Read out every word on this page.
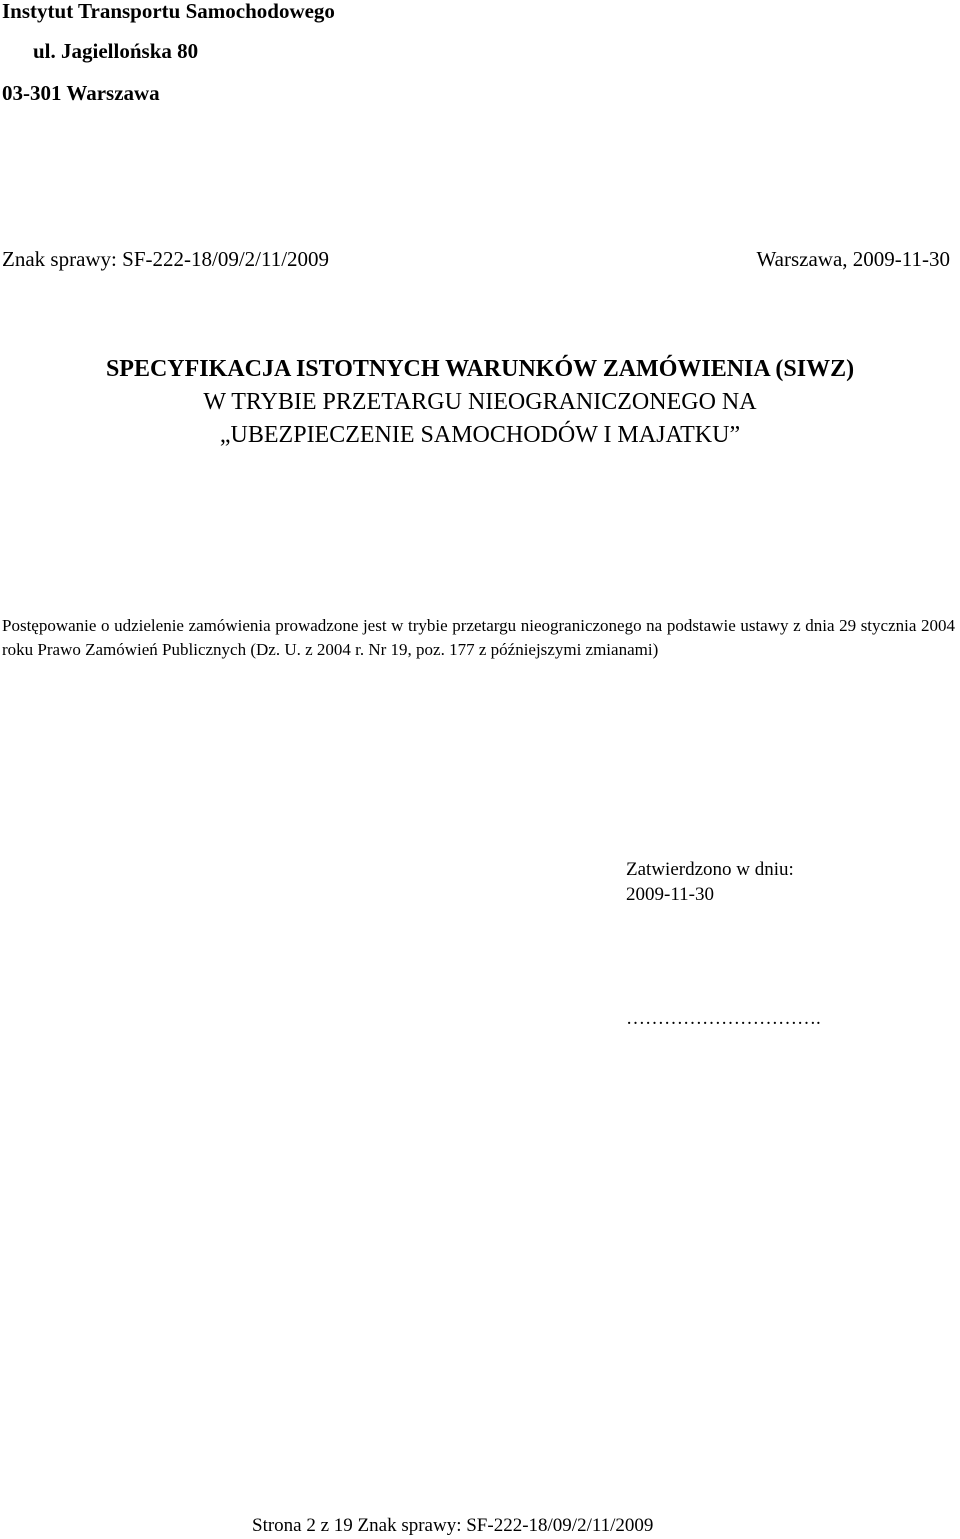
Instytut Transportu Samochodowego
ul. Jagiellońska 80
03-301 Warszawa
Znak sprawy: SF-222-18/09/2/11/2009	Warszawa, 2009-11-30
SPECYFIKACJA ISTOTNYCH WARUNKÓW ZAMÓWIENIA (SIWZ)
W TRYBIE PRZETARGU NIEOGRANICZONEGO NA
„UBEZPIECZENIE SAMOCHODÓW I MAJATKU”
Postępowanie o udzielenie zamówienia prowadzone jest w trybie przetargu nieograniczonego na podstawie ustawy z dnia 29 stycznia 2004 roku Prawo Zamówień Publicznych (Dz. U. z 2004 r. Nr 19, poz. 177 z późniejszymi zmianami)
Zatwierdzono w dniu:
2009-11-30
………………………….
Strona 2 z 19 Znak sprawy: SF-222-18/09/2/11/2009
